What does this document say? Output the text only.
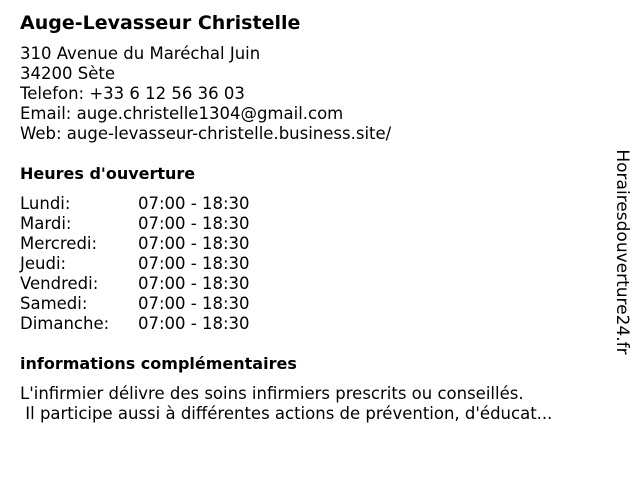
Auge-Levasseur Christelle
310 Avenue du Maréchal Juin
34200 Sète
Telefon: +33 6 12 56 36 03
Email: auge.christelle1304@gmail.com
Web: auge-levasseur-christelle.business.site/
Heures d'ouverture
Lundi:	07:00 - 18:30
Mardi:	07:00 - 18:30
Mercredi: 07:00 - 18:30
Jeudi:	07:00 - 18:30
Vendredi: 07:00 - 18:30
Samedi:	07:00 - 18:30
Dimanche: 07:00 - 18:30
informations complémentaires
L'infirmier délivre des soins infirmiers prescrits ou conseillés.
Il participe aussi à différentes actions de prévention, d'éducat...
Horairesdouverture24.fr
